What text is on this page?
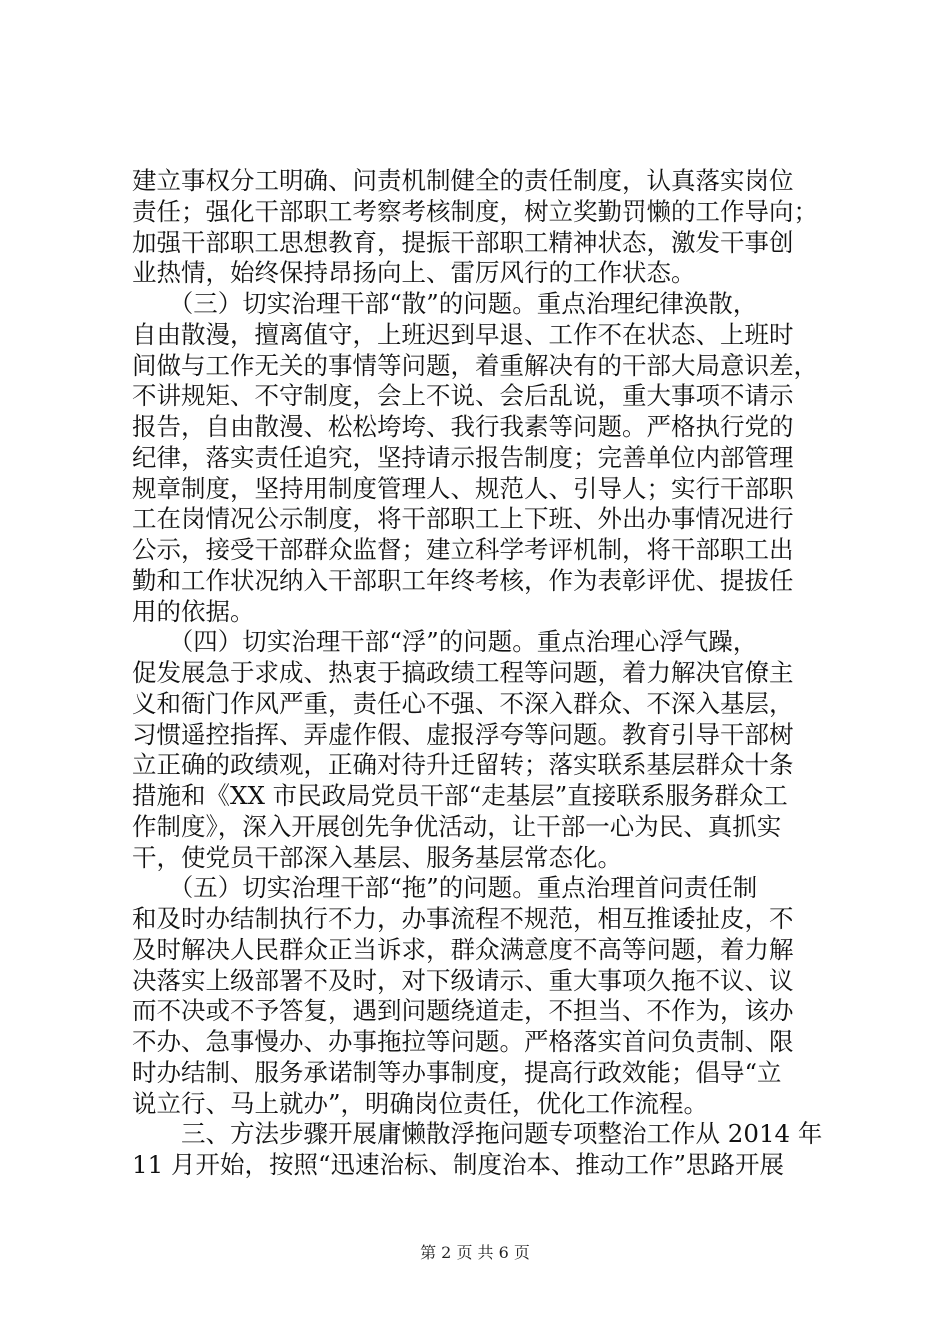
建立事权分工明确、问责机制健全的责任制度，认真落实岗位
责任；强化干部职工考察考核制度，树立奖勤罚懒的工作导向；
加强干部职工思想教育，提振干部职工精神状态，激发干事创
业热情，始终保持昂扬向上、雷厉风行的工作状态。
　　（三）切实治理干部“散”的问题。重点治理纪律涣散，
自由散漫，擅离值守，上班迟到早退、工作不在状态、上班时
间做与工作无关的事情等问题，着重解决有的干部大局意识差，
不讲规矩、不守制度，会上不说、会后乱说，重大事项不请示
报告，自由散漫、松松垮垮、我行我素等问题。严格执行党的
纪律，落实责任追究，坚持请示报告制度；完善单位内部管理
规章制度，坚持用制度管理人、规范人、引导人；实行干部职
工在岗情况公示制度，将干部职工上下班、外出办事情况进行
公示，接受干部群众监督；建立科学考评机制，将干部职工出
勤和工作状况纳入干部职工年终考核，作为表彰评优、提拔任
用的依据。
　　（四）切实治理干部“浮”的问题。重点治理心浮气躁，
促发展急于求成、热衷于搞政绩工程等问题，着力解决官僚主
义和衙门作风严重，责任心不强、不深入群众、不深入基层，
习惯遥控指挥、弄虚作假、虚报浮夸等问题。教育引导干部树
立正确的政绩观，正确对待升迁留转；落实联系基层群众十条
措施和《XX 市民政局党员干部“走基层”直接联系服务群众工
作制度》，深入开展创先争优活动，让干部一心为民、真抓实
干，使党员干部深入基层、服务基层常态化。
　　（五）切实治理干部“拖”的问题。重点治理首问责任制
和及时办结制执行不力，办事流程不规范，相互推诿扯皮，不
及时解决人民群众正当诉求，群众满意度不高等问题，着力解
决落实上级部署不及时，对下级请示、重大事项久拖不议、议
而不决或不予答复，遇到问题绕道走，不担当、不作为，该办
不办、急事慢办、办事拖拉等问题。严格落实首问负责制、限
时办结制、服务承诺制等办事制度，提高行政效能；倡导“立
说立行、马上就办”，明确岗位责任，优化工作流程。
　　三、方法步骤开展庸懒散浮拖问题专项整治工作从 2014 年
11 月开始，按照“迅速治标、制度治本、推动工作”思路开展
第 2 页 共 6 页
